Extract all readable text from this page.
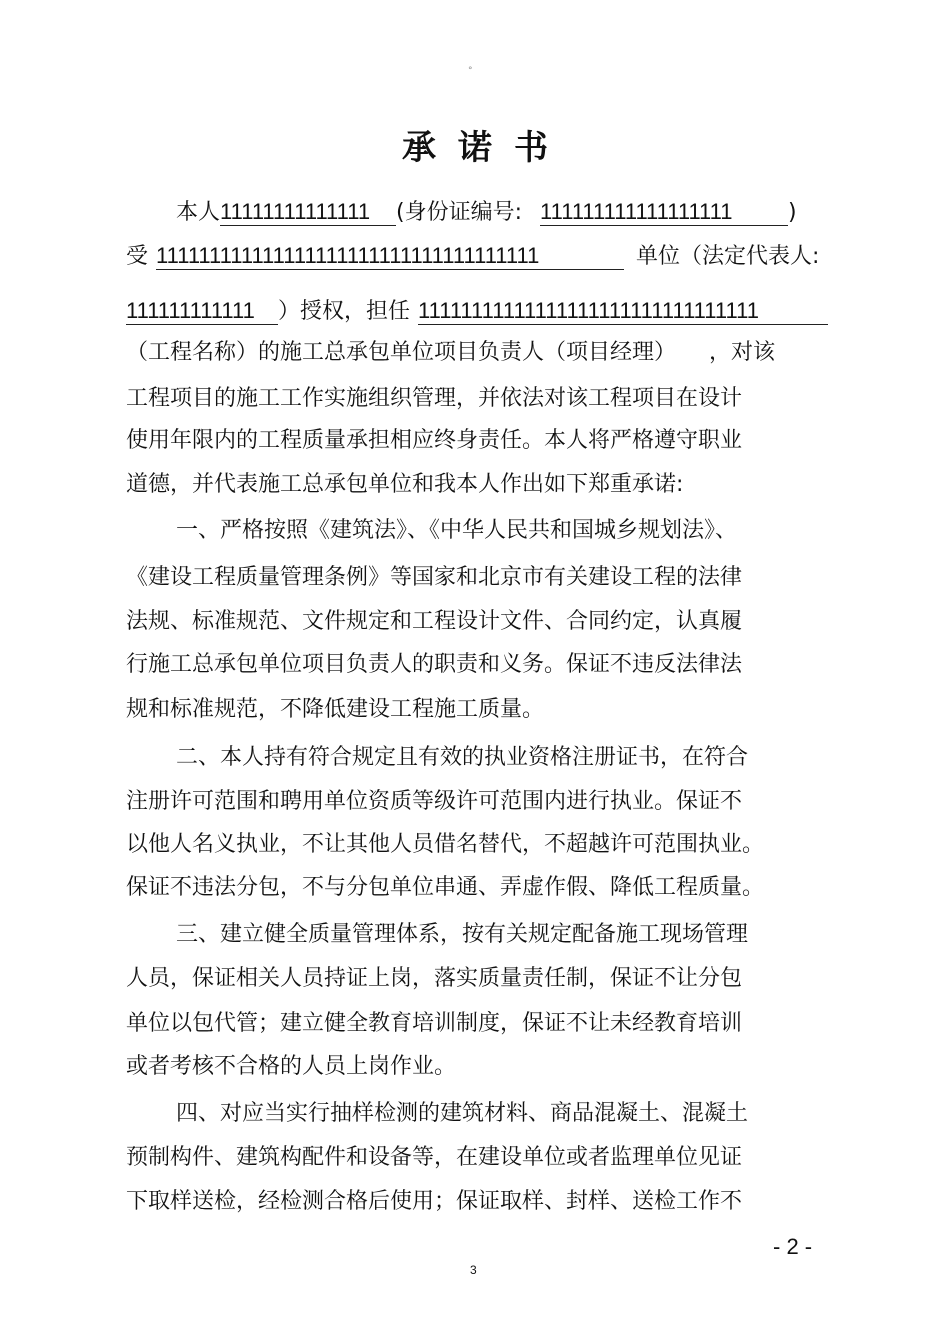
°
承诺书
本人11111111111111 (身份证编号: 111111111111111111	)
受 111111111111111111111111111111111111	单位（法定代表人:
111111111111 ）授权，担任 11111111111111111111111111111111
（工程名称）的施工总承包单位项目负责人（项目经理）　　，对该
工程项目的施工工作实施组织管理，并依法对该工程项目在设计
使用年限内的工程质量承担相应终身责任。本人将严格遵守职业
道德，并代表施工总承包单位和我本人作出如下郑重承诺:
一、严格按照《建筑法》、《中华人民共和国城乡规划法》、
《建设工程质量管理条例》等国家和北京市有关建设工程的法律
法规、标准规范、文件规定和工程设计文件、合同约定，认真履
行施工总承包单位项目负责人的职责和义务。保证不违反法律法
规和标准规范，不降低建设工程施工质量。
二、本人持有符合规定且有效的执业资格注册证书，在符合
注册许可范围和聘用单位资质等级许可范围内进行执业。保证不
以他人名义执业，不让其他人员借名替代，不超越许可范围执业。
保证不违法分包，不与分包单位串通、弄虚作假、降低工程质量。
三、建立健全质量管理体系，按有关规定配备施工现场管理
人员，保证相关人员持证上岗，落实质量责任制，保证不让分包
单位以包代管；建立健全教育培训制度，保证不让未经教育培训
或者考核不合格的人员上岗作业。
四、对应当实行抽样检测的建筑材料、商品混凝土、混凝土
预制构件、建筑构配件和设备等，在建设单位或者监理单位见证
下取样送检，经检测合格后使用；保证取样、封样、送检工作不
- 2 -
3
